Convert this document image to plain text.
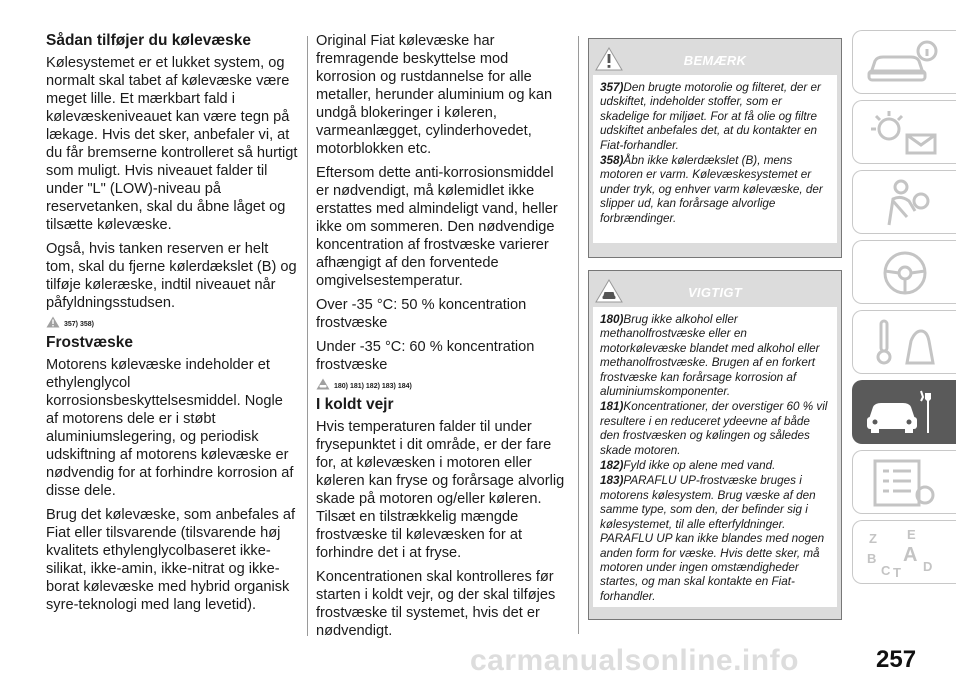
Sådan tilføjer du kølevæske

Kølesystemet er et lukket system, og normalt skal tabet af kølevæske være meget lille. Et mærkbart fald i kølevæskeniveauet kan være tegn på lækage. Hvis det sker, anbefaler vi, at du får bremserne kontrolleret så hurtigt som muligt. Hvis niveauet falder til under "L" (LOW)-niveau på reservetanken, skal du åbne låget og tilsætte kølevæske.

Også, hvis tanken reserven er helt tom, skal du fjerne kølerdækslet (B) og tilføje køleræske, indtil niveauet når påfyldningsstudsen.

357) 358)
Frostvæske

Motorens kølevæske indeholder et ethylenglycol korrosionsbeskyttelsesmiddel. Nogle af motorens dele er i støbt aluminiumslegering, og periodisk udskiftning af motorens kølevæske er nødvendig for at forhindre korrosion af disse dele.

Brug det kølevæske, som anbefales af Fiat eller tilsvarende (tilsvarende høj kvalitets ethylenglycolbaseret ikke-silikat, ikke-amin, ikke-nitrat og ikke-borat kølevæske med hybrid organisk syre-teknologi med lang levetid).

Original Fiat kølevæske har fremragende beskyttelse mod korrosion og rustdannelse for alle metaller, herunder aluminium og kan undgå blokeringer i køleren, varmeanlægget, cylinderhovedet, motorblokken etc.

Eftersom dette anti-korrosionsmiddel er nødvendigt, må kølemidlet ikke erstattes med almindeligt vand, heller ikke om sommeren. Den nødvendige koncentration af frostvæske varierer afhængigt af den forventede omgivelsestemperatur.

Over -35 °C: 50 % koncentration frostvæske

Under -35 °C: 60 % koncentration frostvæske

180) 181) 182) 183) 184)
I koldt vejr

Hvis temperaturen falder til under frysepunktet i dit område, er der fare for, at kølevæsken i motoren eller køleren kan fryse og forårsage alvorlig skade på motoren og/eller køleren. Tilsæt en tilstrækkelig mængde frostvæske til kølevæsken for at forhindre det i at fryse.

Koncentrationen skal kontrolleres før starten i koldt vejr, og der skal tilføjes frostvæske til systemet, hvis det er nødvendigt.

BEMÆRK
357)Den brugte motorolie og filteret, der er udskiftet, indeholder stoffer, som er skadelige for miljøet. For at få olie og filtre udskiftet anbefales det, at du kontakter en Fiat-forhandler.
358)Åbn ikke kølerdækslet (B), mens motoren er varm. Kølevæskesystemet er under tryk, og enhver varm kølevæske, der slipper ud, kan forårsage alvorlige forbrændinger.
VIGTIGT
180)Brug ikke alkohol eller methanolfrostvæske eller en motorkølevæske blandet med alkohol eller methanolfrostvæske. Brugen af en forkert frostvæske kan forårsage korrosion af aluminiumskomponenter.
181)Koncentrationer, der overstiger 60 % vil resultere i en reduceret ydeevne af både den frostvæsken og kølingen og således skade motoren.
182)Fyld ikke op alene med vand.
183)PARAFLU UP-frostvæske bruges i motorens kølesystem. Brug væske af den samme type, som den, der befinder sig i kølesystemet, til alle efterfyldninger. PARAFLU UP kan ikke blandes med nogen anden form for væske. Hvis dette sker, må motoren under ingen omstændigheder startes, og man skal kontakte en Fiat-forhandler.
Z E
A
B
C T D
carmanualsonline.info	257
